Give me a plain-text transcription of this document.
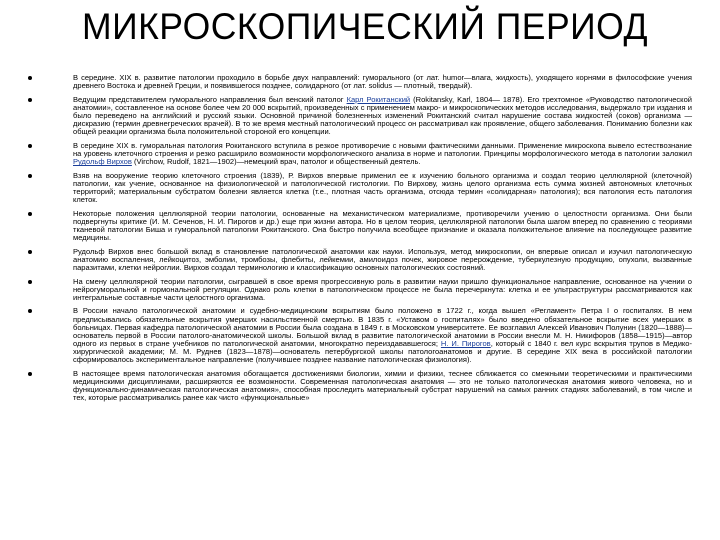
МИКРОСКОПИЧЕСКИЙ ПЕРИОД
В середине. XIX в. развитие патологии проходило в борьбе двух направлений: гуморального (от лат. humor—влага, жидкость), уходящего корнями в философские учения древнего Востока и древней Греции, и появившегося позднее, солидарного (от лат. solidus — плотный, твердый).
Ведущим представителем гуморального направления был венский патолог Карл Рокитанский (Rokitansky, Karl, 1804— 1878). Его трехтомное «Руководство патологической анатомии», составленное на основе более чем 20 000 вскрытий, произведенных с применением макро- и микроскопических методов исследования, выдержало три издания и было переведено на английский и русский языки. Основной причиной болезненных изменений Рокитанский считал нарушение состава жидкостей (соков) организма — дискразию (термин древнегреческих врачей). В то же время местный патологический процесс он рассматривал как проявление, общего заболевания. Пониманию болезни как общей реакции организма была положительной стороной его концепции.
В середине XIX в. гуморальная патология Рокитанского вступила в резкое противоречие с новыми фактическими данными. Применение микроскопа вывело естествознание на уровень клеточного строения и резко расширило возможности морфологического анализа в норме и патологии. Принципы морфологического метода в патологии заложил Рудольф Вирхов (Virchow, Rudolf, 1821—1902)—немецкий врач, патолог и общественный деятель.
Взяв на вооружение теорию клеточного строения (1839), Р. Вирхов впервые применил ее к изучению больного организма и создал теорию целлюлярной (клеточной) патологии, как учение, основанное на физиологической и патологической гистологии. По Вирхову, жизнь целого организма есть сумма жизней автономных клеточных территорий; материальным субстратом болезни является клетка (т.е., плотная часть организма, отсюда термин «солидарная» патология); вся патология есть патология клеток.
Некоторые положения целлюлярной теории патологии, основанные на механистическом материализме, противоречили учению о целостности организма. Они были подвергнуты критике (И. М. Сеченов, Н. И. Пирогов и др.) еще при жизни автора. Но в целом теория, целлюлярной патологии была шагом вперед по сравнению с теориями тканевой патологии Биша и гуморальной патологии Рокитанского. Она быстро получила всеобщее признание и оказала положительное влияние на последующее развитие медицины.
Рудольф Вирхов внес большой вклад в становление патологической анатомии как науки. Используя, метод микроскопии, он впервые описал и изучил патологическую анатомию воспаления, лейкоцитоз, эмболии, тромбозы, флебиты, лейкемии, амилоидоз почек, жировое перерождение, туберкулезную продукцию, опухоли, вызванные паразитами, клетки нейроглии. Вирхов создал терминологию и классификацию основных патологических состояний.
На смену целлюлярной теории патологии, сыгравшей в свое время прогрессивную роль в развитии науки пришло функциональное направление, основанное на учении о нейрогуморальной и гормональной регуляции. Однако роль клетки в патологическом процессе не была перечеркнута: клетка и ее ультраструктуры рассматриваются как интегральные составные части целостного организма.
В России начало патологической анатомии и судебно-медицинским вскрытиям было положено в 1722 г., когда вышел «Регламент» Петра I о госпиталях. В нем предписывались обязательные вскрытия умерших насильственной смертью. В 1835 г. «Уставом о госпиталях» было введено обязательное вскрытие всех умерших в больницах. Первая кафедра патологической анатомии в России была создана в 1849 г. в Московском университете. Ее возглавил Алексей Иванович Полунин (1820—1888)—основатель первой в России патолого-анатомической школы. Большой вклад в развитие патологической анатомии в России внесли М. Н. Никифоров (1858—1915)—автор одного из первых в стране учебников по патологической анатомии, многократно переиздававшегося; Н. И. Пирогов, который с 1840 г. вел курс вскрытия трупов в Медико-хирургической академии; М. М. Руднев (1823—1878)—основатель петербургской школы патологоанатомов и другие. В середине XIX века в российской патологии сформировалось экспериментальное направление (получившее позднее название патологическая физиология).
В настоящее время патологическая анатомия обогащается достижениями биологии, химии и физики, теснее сближается со смежными теоретическими и практическими медицинскими дисциплинами, расширяются ее возможности. Современная патологическая анатомия — это не только патологическая анатомия живого человека, но и функционально-динамическая патологическая анатомия», способная проследить материальный субстрат нарушений на самых ранних стадиях заболеваний, в том числе и тех, которые рассматривались ранее как чисто «функциональные»
